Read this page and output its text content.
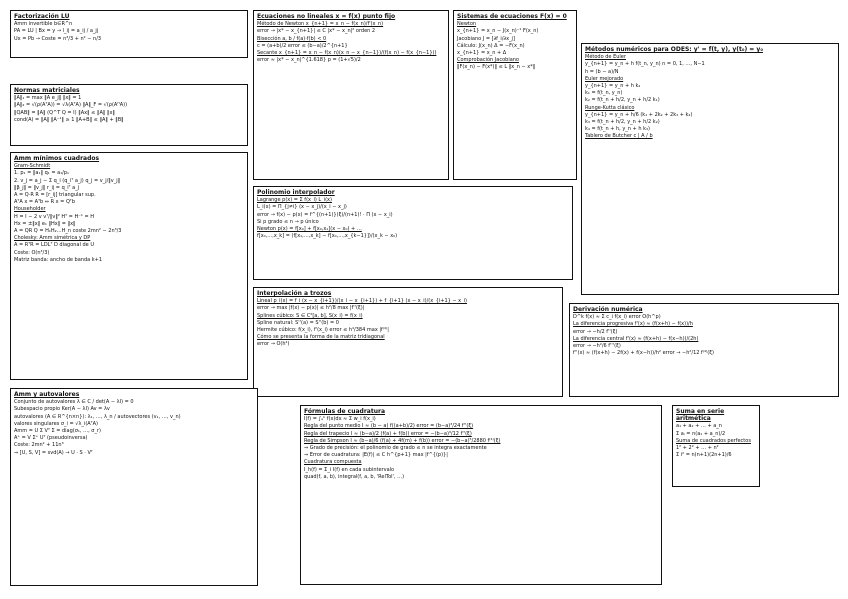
Factorización LU
Amm invertible b∈R^n
PA = LU | Bx = y → l_ij = a_ij / a_jj
Ux = Pb → Coste = n³/3 + n² − n/3
Normas matriciales
‖A‖₁ = max ‖A e_j‖ ‖x‖ = 1
‖A‖₂ = √(ρ(AᵀA)) = √λ(AᵀA) ‖A‖_F = √(ρ(AᴴA))
‖QAB‖ = ‖A‖ (Q^T Q = I) ‖Ax‖ ≤ ‖A‖ ‖x‖
cond(A) = ‖A‖ ‖A⁻¹‖ ≥ 1 ‖A+B‖ ≤ ‖A‖ + ‖B‖
Amm mínimos cuadrados
Gram-Schmidt
1. p₁ = ‖a₁‖ q₁ = a₁/p₁
2. v_j = a_j − Σ q_i (q_iᵀ a_j) q_j = v_j/‖v_j‖
‖β_j‖ = ‖v_j‖ r_ij = q_iᵀ a_j
A = Q·R R = [r_ij] triangular sup.
AᵀA x = Aᵀb ⇔ R x = Qᵀb
Householder
H = I − 2 v vᵀ/‖v‖² Hᵀ = H⁻¹ = H
Hx = ±‖x‖ e₁ ‖Hx‖ = ‖x‖
A = QR Q = H₁H₂…H_n coste 2mn² − 2n³/3
Cholesky: Amm simétrica y DP
A = RᵀR = LDLᵀ D diagonal de U
Coste: O(n³/3)
Matriz banda: ancho de banda k+1
Ecuaciones no lineales x = f(x) punto fijo
Método de Newton x_{n+1} = x_n − f(x_n)/f'(x_n)
error → |x* − x_{n+1}| ≤ C |x* − x_n|² orden 2
Bisección a, b / f(a)·f(b) < 0
c = (a+b)/2 error ≤ (b−a)/2^{n+1}
Secante x_{n+1} = x_n − f(x_n)(x_n − x_{n−1})/(f(x_n) − f(x_{n−1}))
error ≈ |x* − x_n|^{1.618} p = (1+√5)/2
Sistemas de ecuaciones F(x) = 0
Newton
x_{n+1} = x_n − J(x_n)⁻¹ F(x_n)
Jacobiano J = [∂f_i/∂x_j]
Cálculo: J(x_n) Δ = −F(x_n)
x_{n+1} = x_n + Δ
Comprobación Jacobiano
‖F(x_n) − F(x*)‖ ≤ L ‖x_n − x*‖
Métodos numéricos para ODES: y' = f(t, y), y(t₀) = y₀
Método de Euler
y_{n+1} = y_n + h f(t_n, y_n) n = 0, 1, …, N−1
h = (b − a)/N
Euler mejorado
y_{n+1} = y_n + h k₂
k₁ = f(t_n, y_n)
k₂ = f(t_n + h/2, y_n + h/2 k₁)
Runge-Kutta clásico
y_{n+1} = y_n + h/6 (k₁ + 2k₂ + 2k₃ + k₄)
k₃ = f(t_n + h/2, y_n + h/2 k₂)
k₄ = f(t_n + h, y_n + h k₃)
Tablero de Butcher c | A / b
Polinomio interpolador
Lagrange p(x) = Σ f(x_i) L_i(x)
L_i(x) = Π_{j≠i} (x − x_j)/(x_i − x_j)
error → f(x) − p(x) = f^{(n+1)}(ξ)/(n+1)! · Π (x − x_i)
Si p grado ≤ n → p único
Newton p(x) = f[x₀] + f[x₀,x₁](x − x₀) + …
f[x₀,…,x_k] = (f[x₁,…,x_k] − f[x₀,…,x_{k−1}])/(x_k − x₀)
Interpolación a trozos
Lineal p_i(x) = f_i (x − x_{i+1})/(x_i − x_{i+1}) + f_{i+1} (x − x_i)/(x_{i+1} − x_i)
error → max |f(x) − p(x)| ≤ h²/8 max |f''(ξ)|
Splines cúbico: S ∈ C²[a, b], S(x_i) = f(x_i)
Spline natural: S''(a) = S''(b) = 0
Hermite cúbico: f(x_i), f'(x_i) error ≤ h⁴/384 max |f⁽⁴⁾|
Cómo se presenta la forma de la matriz tridiagonal
error → O(h⁴)
Derivación numérica
D^k f(x) ≈ Σ c_i f(x_i) error O(h^p)
La diferencia progresiva f'(x) ≈ (f(x+h) − f(x))/h
error → −h/2 f''(ξ)
La diferencia central f'(x) ≈ (f(x+h) − f(x−h))/(2h)
error → −h²/6 f'''(ξ)
f''(x) ≈ (f(x+h) − 2f(x) + f(x−h))/h² error → −h²/12 f⁽⁴⁾(ξ)
Amm y autovalores
Conjunto de autovalores λ ∈ C / det(A − λI) = 0
Subespacio propio Ker(A − λI) Av = λv
autovalores (A ∈ R^{n×n}): λ₁, …, λ_n / autovectores (v₁, …, v_n)
valores singulares σ_i = √λ_i(AᵀA)
Amm = U Σ Vᵀ Σ = diag(σ₁, …, σ_r)
A⁺ = V Σ⁺ Uᵀ (pseudoinversa)
Coste: 2mn² + 11n³
⇒ [U, S, V] = svd(A) → U · S · Vᵀ
Fórmulas de cuadratura
I(f) = ∫ₐᵇ f(x)dx ≈ Σ w_i f(x_i)
Regla del punto medio I ≈ (b − a) f((a+b)/2) error = (b−a)³/24 f''(ξ)
Regla del trapecio I ≈ (b−a)/2 (f(a) + f(b)) error = −(b−a)³/12 f''(ξ)
Regla de Simpson I ≈ (b−a)/6 (f(a) + 4f(m) + f(b)) error = −(b−a)⁵/2880 f⁽⁴⁾(ξ)
⇒ Grado de precisión: el polinomio de grado ≤ n se integra exactamente
⇒ Error de cuadratura: |E(f)| ≤ C h^{p+1} max |f^{(p)}|
Cuadratura compuesta
I_h(f) = Σ_i I(f) en cada subintervalo
quad(f, a, b), integral(f, a, b, 'RelTol', …)
Suma en serie aritmética
a₁ + a₂ + … + a_n
Σ aᵢ = n(a₁ + a_n)/2
Suma de cuadrados perfectos
1² + 2² + … + n²
Σ i² = n(n+1)(2n+1)/6
